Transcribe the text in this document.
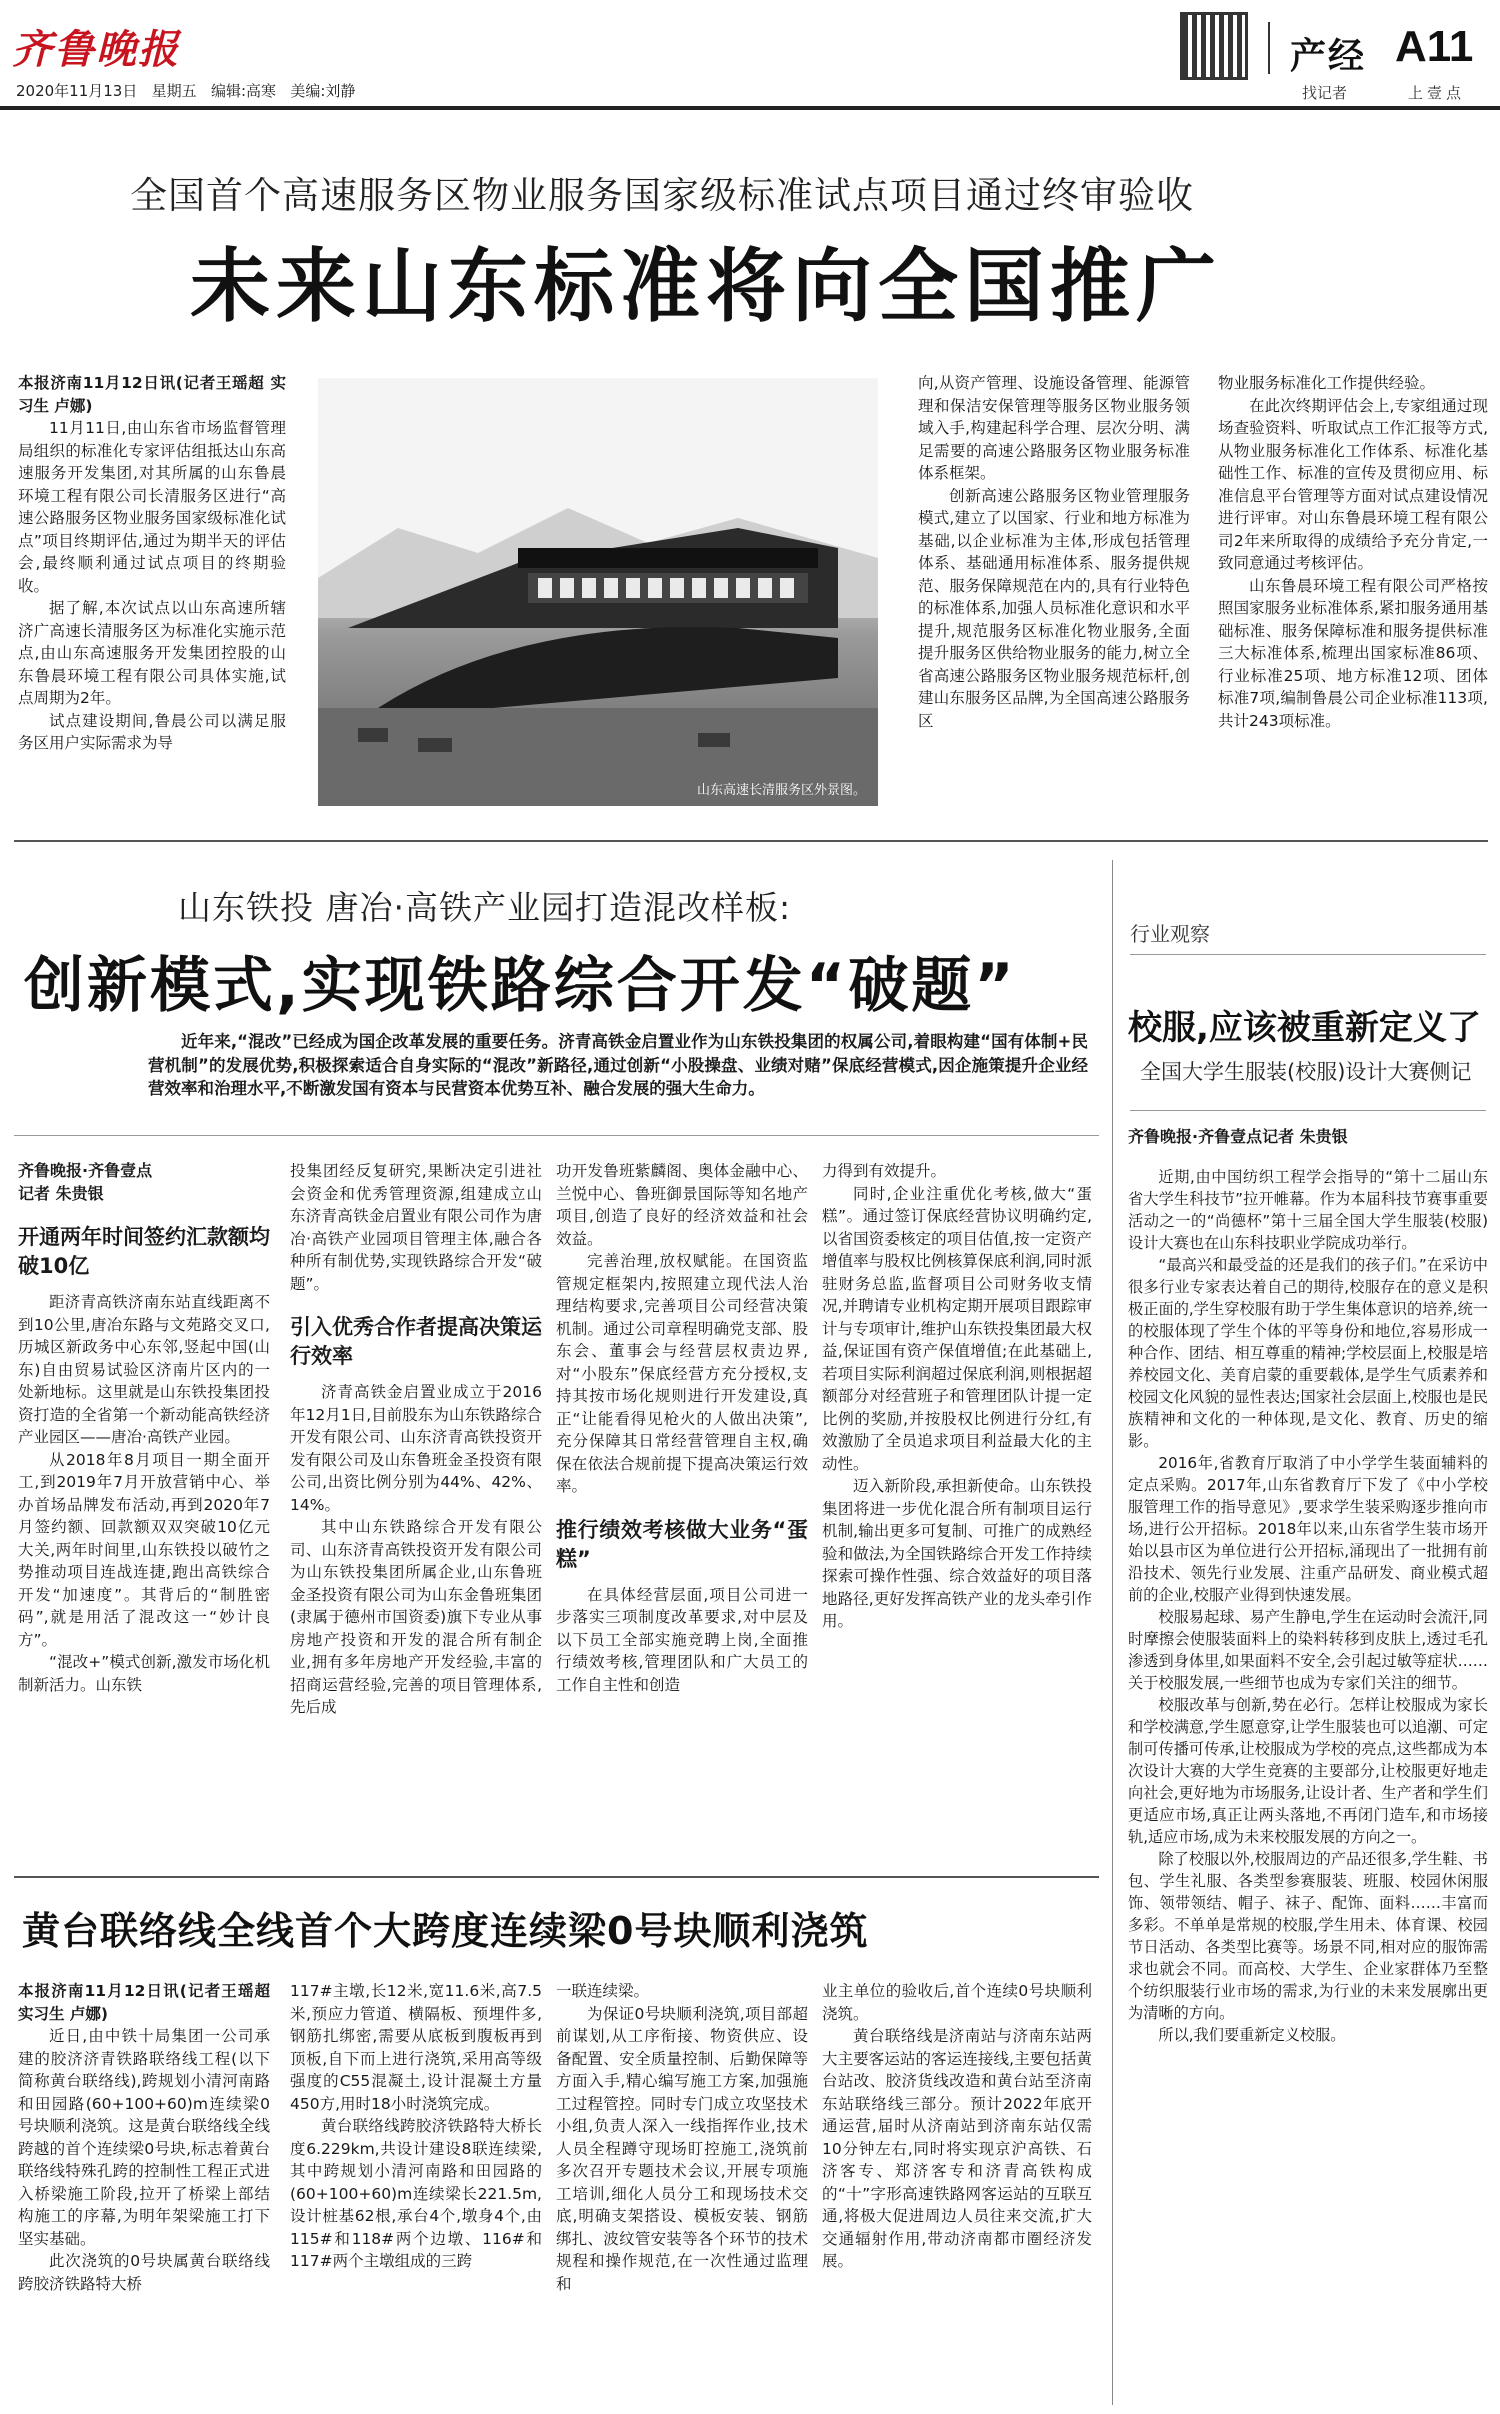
齐鲁晚报
2020年11月13日 星期五 编辑:高寒 美编:刘静
产经 A11
找记者	上壹点
全国首个高速服务区物业服务国家级标准试点项目通过终审验收
未来山东标准将向全国推广

本报济南11月12日讯(记者王瑶超 实习生 卢娜)

11月11日,由山东省市场监督管理局组织的标准化专家评估组抵达山东高速服务开发集团,对其所属的山东鲁晨环境工程有限公司长清服务区进行“高速公路服务区物业服务国家级标准化试点”项目终期评估,通过为期半天的评估会,最终顺利通过试点项目的终期验收。

据了解,本次试点以山东高速所辖济广高速长清服务区为标准化实施示范点,由山东高速服务开发集团控股的山东鲁晨环境工程有限公司具体实施,试点周期为2年。

试点建设期间,鲁晨公司以满足服务区用户实际需求为导

山东高速长清服务区外景图。

向,从资产管理、设施设备管理、能源管理和保洁安保管理等服务区物业服务领域入手,构建起科学合理、层次分明、满足需要的高速公路服务区物业服务标准体系框架。

创新高速公路服务区物业管理服务模式,建立了以国家、行业和地方标准为基础,以企业标准为主体,形成包括管理体系、基础通用标准体系、服务提供规范、服务保障规范在内的,具有行业特色的标准体系,加强人员标准化意识和水平提升,规范服务区标准化物业服务,全面提升服务区供给物业服务的能力,树立全省高速公路服务区物业服务规范标杆,创建山东服务区品牌,为全国高速公路服务区

物业服务标准化工作提供经验。

在此次终期评估会上,专家组通过现场查验资料、听取试点工作汇报等方式,从物业服务标准化工作体系、标准化基础性工作、标准的宣传及贯彻应用、标准信息平台管理等方面对试点建设情况进行评审。对山东鲁晨环境工程有限公司2年来所取得的成绩给予充分肯定,一致同意通过考核评估。

山东鲁晨环境工程有限公司严格按照国家服务业标准体系,紧扣服务通用基础标准、服务保障标准和服务提供标准三大标准体系,梳理出国家标准86项、行业标准25项、地方标准12项、团体标准7项,编制鲁晨公司企业标准113项,共计243项标准。

山东铁投 唐冶·高铁产业园打造混改样板:
创新模式,实现铁路综合开发“破题”

近年来,“混改”已经成为国企改革发展的重要任务。济青高铁金启置业作为山东铁投集团的权属公司,着眼构建“国有体制+民营机制”的发展优势,积极探索适合自身实际的“混改”新路径,通过创新“小股操盘、业绩对赌”保底经营模式,因企施策提升企业经营效率和治理水平,不断激发国有资本与民营资本优势互补、融合发展的强大生命力。

齐鲁晚报·齐鲁壹点

记者 朱贵银

开通两年时间签约汇款额均破10亿

距济青高铁济南东站直线距离不到10公里,唐冶东路与文苑路交叉口,历城区新政务中心东邻,竖起中国(山东)自由贸易试验区济南片区内的一处新地标。这里就是山东铁投集团投资打造的全省第一个新动能高铁经济产业园区——唐冶·高铁产业园。

从2018年8月项目一期全面开工,到2019年7月开放营销中心、举办首场品牌发布活动,再到2020年7月签约额、回款额双双突破10亿元大关,两年时间里,山东铁投以破竹之势推动项目连战连捷,跑出高铁综合开发“加速度”。其背后的“制胜密码”,就是用活了混改这一“妙计良方”。

“混改+”模式创新,激发市场化机制新活力。山东铁

投集团经反复研究,果断决定引进社会资金和优秀管理资源,组建成立山东济青高铁金启置业有限公司作为唐冶·高铁产业园项目管理主体,融合各种所有制优势,实现铁路综合开发“破题”。

引入优秀合作者提高决策运行效率

济青高铁金启置业成立于2016年12月1日,目前股东为山东铁路综合开发有限公司、山东济青高铁投资开发有限公司及山东鲁班金圣投资有限公司,出资比例分别为44%、42%、14%。

其中山东铁路综合开发有限公司、山东济青高铁投资开发有限公司为山东铁投集团所属企业,山东鲁班金圣投资有限公司为山东金鲁班集团(隶属于德州市国资委)旗下专业从事房地产投资和开发的混合所有制企业,拥有多年房地产开发经验,丰富的招商运营经验,完善的项目管理体系,先后成

功开发鲁班紫麟阁、奥体金融中心、兰悦中心、鲁班御景国际等知名地产项目,创造了良好的经济效益和社会效益。

完善治理,放权赋能。在国资监管规定框架内,按照建立现代法人治理结构要求,完善项目公司经营决策机制。通过公司章程明确党支部、股东会、董事会与经营层权责边界,对“小股东”保底经营方充分授权,支持其按市场化规则进行开发建设,真正“让能看得见枪火的人做出决策”,充分保障其日常经营管理自主权,确保在依法合规前提下提高决策运行效率。

推行绩效考核做大业务“蛋糕”

在具体经营层面,项目公司进一步落实三项制度改革要求,对中层及以下员工全部实施竞聘上岗,全面推行绩效考核,管理团队和广大员工的工作自主性和创造

力得到有效提升。

同时,企业注重优化考核,做大“蛋糕”。通过签订保底经营协议明确约定,以省国资委核定的项目估值,按一定资产增值率与股权比例核算保底利润,同时派驻财务总监,监督项目公司财务收支情况,并聘请专业机构定期开展项目跟踪审计与专项审计,维护山东铁投集团最大权益,保证国有资产保值增值;在此基础上,若项目实际利润超过保底利润,则根据超额部分对经营班子和管理团队计提一定比例的奖励,并按股权比例进行分红,有效激励了全员追求项目利益最大化的主动性。

迈入新阶段,承担新使命。山东铁投集团将进一步优化混合所有制项目运行机制,输出更多可复制、可推广的成熟经验和做法,为全国铁路综合开发工作持续探索可操作性强、综合效益好的项目落地路径,更好发挥高铁产业的龙头牵引作用。

行业观察
校服,应该被重新定义了
全国大学生服装(校服)设计大赛侧记

齐鲁晚报·齐鲁壹点记者 朱贵银

近期,由中国纺织工程学会指导的“第十二届山东省大学生科技节”拉开帷幕。作为本届科技节赛事重要活动之一的“尚德杯”第十三届全国大学生服装(校服)设计大赛也在山东科技职业学院成功举行。

“最高兴和最受益的还是我们的孩子们。”在采访中很多行业专家表达着自己的期待,校服存在的意义是积极正面的,学生穿校服有助于学生集体意识的培养,统一的校服体现了学生个体的平等身份和地位,容易形成一种合作、团结、相互尊重的精神;学校层面上,校服是培养校园文化、美育启蒙的重要载体,是学生气质素养和校园文化风貌的显性表达;国家社会层面上,校服也是民族精神和文化的一种体现,是文化、教育、历史的缩影。

2016年,省教育厅取消了中小学学生装面辅料的定点采购。2017年,山东省教育厅下发了《中小学校服管理工作的指导意见》,要求学生装采购逐步推向市场,进行公开招标。2018年以来,山东省学生装市场开始以县市区为单位进行公开招标,涌现出了一批拥有前沿技术、领先行业发展、注重产品研发、商业模式超前的企业,校服产业得到快速发展。

校服易起球、易产生静电,学生在运动时会流汗,同时摩擦会使服装面料上的染料转移到皮肤上,透过毛孔渗透到身体里,如果面料不安全,会引起过敏等症状……关于校服发展,一些细节也成为专家们关注的细节。

校服改革与创新,势在必行。怎样让校服成为家长和学校满意,学生愿意穿,让学生服装也可以追潮、可定制可传播可传承,让校服成为学校的亮点,这些都成为本次设计大赛的大学生竞赛的主要部分,让校服更好地走向社会,更好地为市场服务,让设计者、生产者和学生们更适应市场,真正让两头落地,不再闭门造车,和市场接轨,适应市场,成为未来校服发展的方向之一。

除了校服以外,校服周边的产品还很多,学生鞋、书包、学生礼服、各类型参赛服装、班服、校园休闲服饰、领带领结、帽子、袜子、配饰、面料……丰富而多彩。不单单是常规的校服,学生用未、体育课、校园节日活动、各类型比赛等。场景不同,相对应的服饰需求也就会不同。而高校、大学生、企业家群体乃至整个纺织服装行业市场的需求,为行业的未来发展廓出更为清晰的方向。

所以,我们要重新定义校服。

黄台联络线全线首个大跨度连续梁0号块顺利浇筑

本报济南11月12日讯(记者王瑶超 实习生 卢娜)

近日,由中铁十局集团一公司承建的胶济济青铁路联络线工程(以下简称黄台联络线),跨规划小清河南路和田园路(60+100+60)m连续梁0号块顺利浇筑。这是黄台联络线全线跨越的首个连续梁0号块,标志着黄台联络线特殊孔跨的控制性工程正式进入桥梁施工阶段,拉开了桥梁上部结构施工的序幕,为明年架梁施工打下坚实基础。

此次浇筑的0号块属黄台联络线跨胶济铁路特大桥

117#主墩,长12米,宽11.6米,高7.5米,预应力管道、横隔板、预埋件多,钢筋扎绑密,需要从底板到腹板再到顶板,自下而上进行浇筑,采用高等级强度的C55混凝土,设计混凝土方量450方,用时18小时浇筑完成。

黄台联络线跨胶济铁路特大桥长度6.229km,共设计建设8联连续梁,其中跨规划小清河南路和田园路的(60+100+60)m连续梁长221.5m,设计桩基62根,承台4个,墩身4个,由115#和118#两个边墩、116#和117#两个主墩组成的三跨

一联连续梁。

为保证0号块顺利浇筑,项目部超前谋划,从工序衔接、物资供应、设备配置、安全质量控制、后勤保障等方面入手,精心编写施工方案,加强施工过程管控。同时专门成立攻坚技术小组,负责人深入一线指挥作业,技术人员全程蹲守现场盯控施工,浇筑前多次召开专题技术会议,开展专项施工培训,细化人员分工和现场技术交底,明确支架搭设、模板安装、钢筋绑扎、波纹管安装等各个环节的技术规程和操作规范,在一次性通过监理和

业主单位的验收后,首个连续0号块顺利浇筑。

黄台联络线是济南站与济南东站两大主要客运站的客运连接线,主要包括黄台站改、胶济货线改造和黄台站至济南东站联络线三部分。预计2022年底开通运营,届时从济南站到济南东站仅需10分钟左右,同时将实现京沪高铁、石济客专、郑济客专和济青高铁构成的“十”字形高速铁路网客运站的互联互通,将极大促进周边人员往来交流,扩大交通辐射作用,带动济南都市圈经济发展。
